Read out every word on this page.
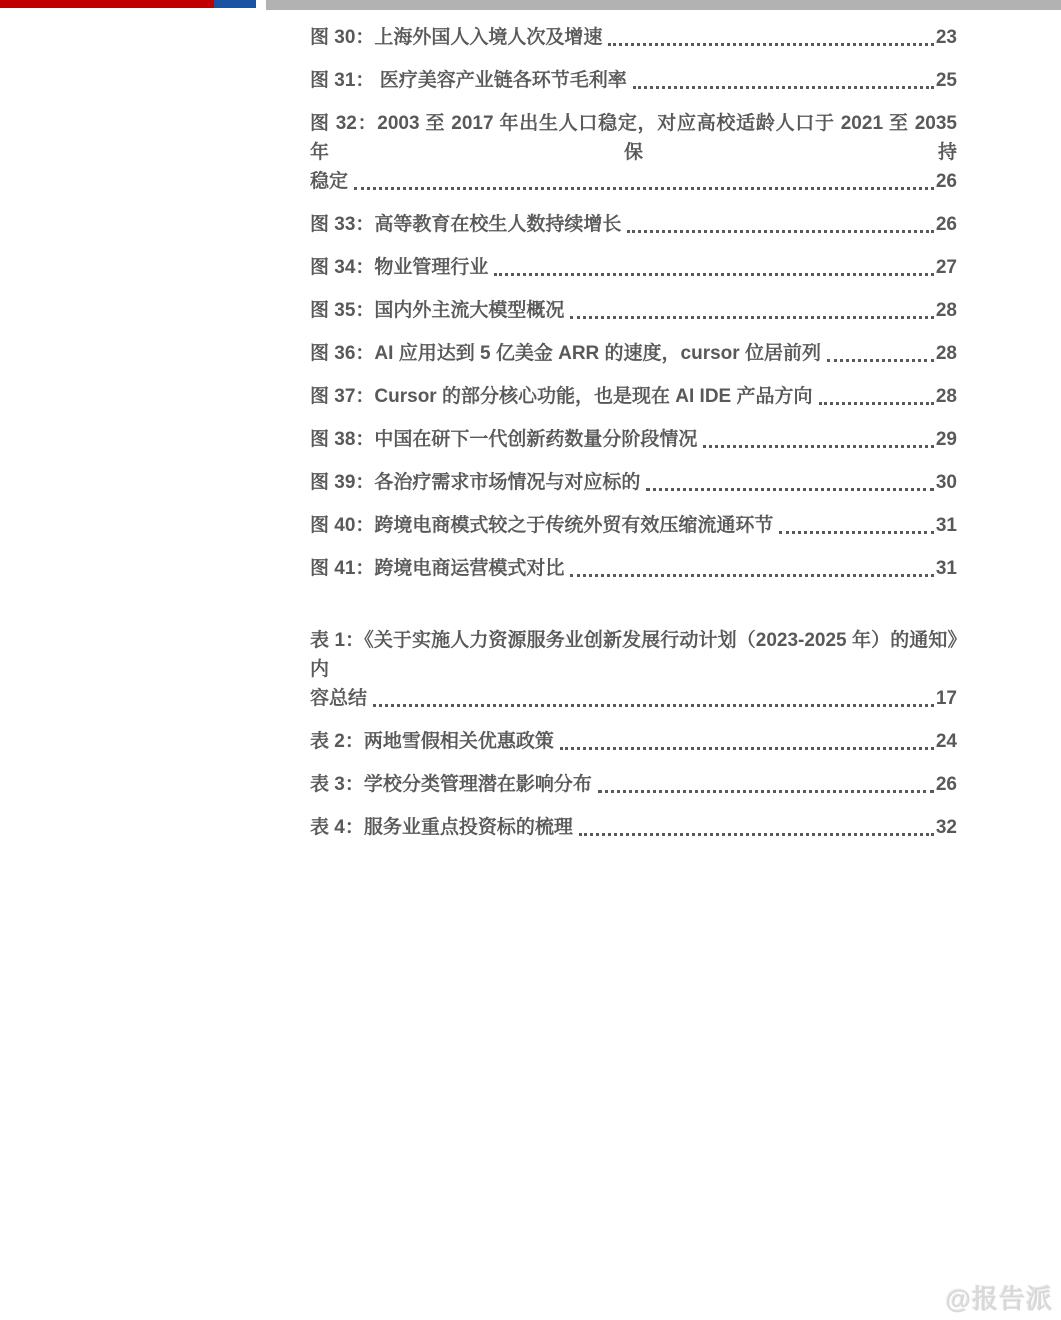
图 30：上海外国人入境人次及增速	23
图 31： 医疗美容产业链各环节毛利率	25
图 32：2003 至 2017 年出生人口稳定，对应高校适龄人口于 2021 至 2035 年保持
稳定	26
图 33：高等教育在校生人数持续增长	26
图 34：物业管理行业	27
图 35：国内外主流大模型概况	28
图 36：AI 应用达到 5 亿美金 ARR 的速度，cursor 位居前列	28
图 37：Cursor 的部分核心功能，也是现在 AI IDE 产品方向	28
图 38：中国在研下一代创新药数量分阶段情况	29
图 39：各治疗需求市场情况与对应标的	30
图 40：跨境电商模式较之于传统外贸有效压缩流通环节	31
图 41：跨境电商运营模式对比	31
表 1：《关于实施人力资源服务业创新发展行动计划（2023-2025 年）的通知》内
容总结	17
表 2：两地雪假相关优惠政策	24
表 3：学校分类管理潜在影响分布	26
表 4：服务业重点投资标的梳理	32
@报告派
